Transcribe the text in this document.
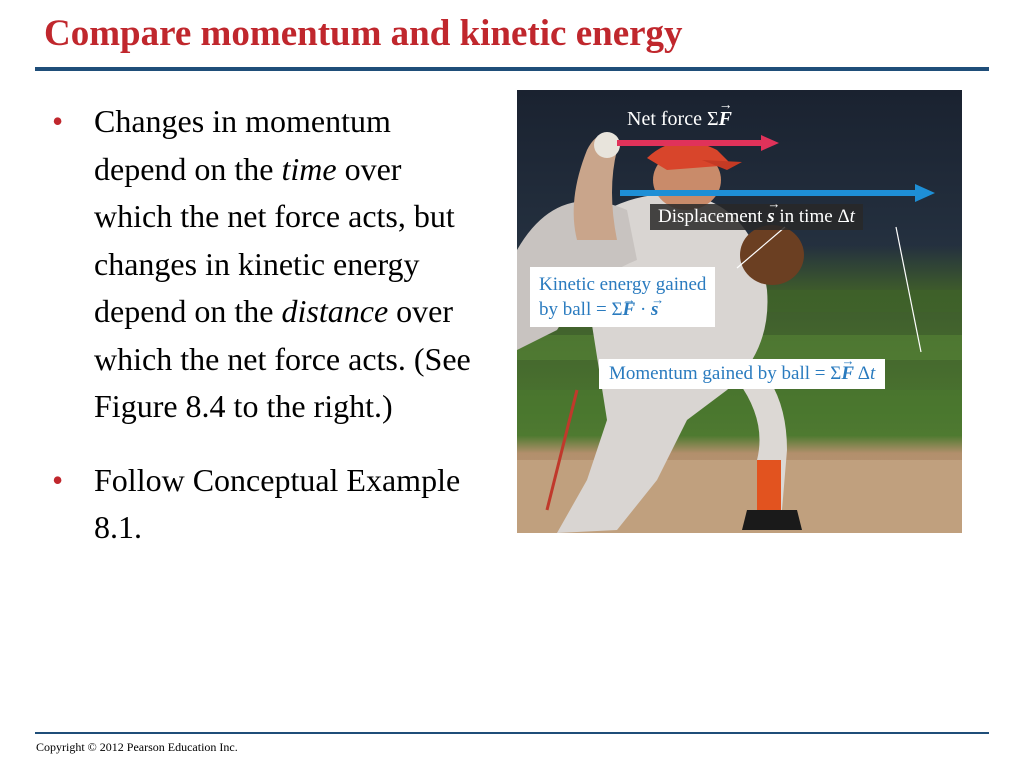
Compare momentum and kinetic energy
• Changes in momentum depend on the time over which the net force acts, but changes in kinetic energy depend on the distance over which the net force acts. (See Figure 8.4 to the right.)
• Follow Conceptual Example 8.1.
Net force Σ→ F
Displacement → s in time Δt
Kinetic energy gained
by ball = Σ→ F · → s
Momentum gained by ball = Σ→ F Δt
Copyright © 2012 Pearson Education Inc.
